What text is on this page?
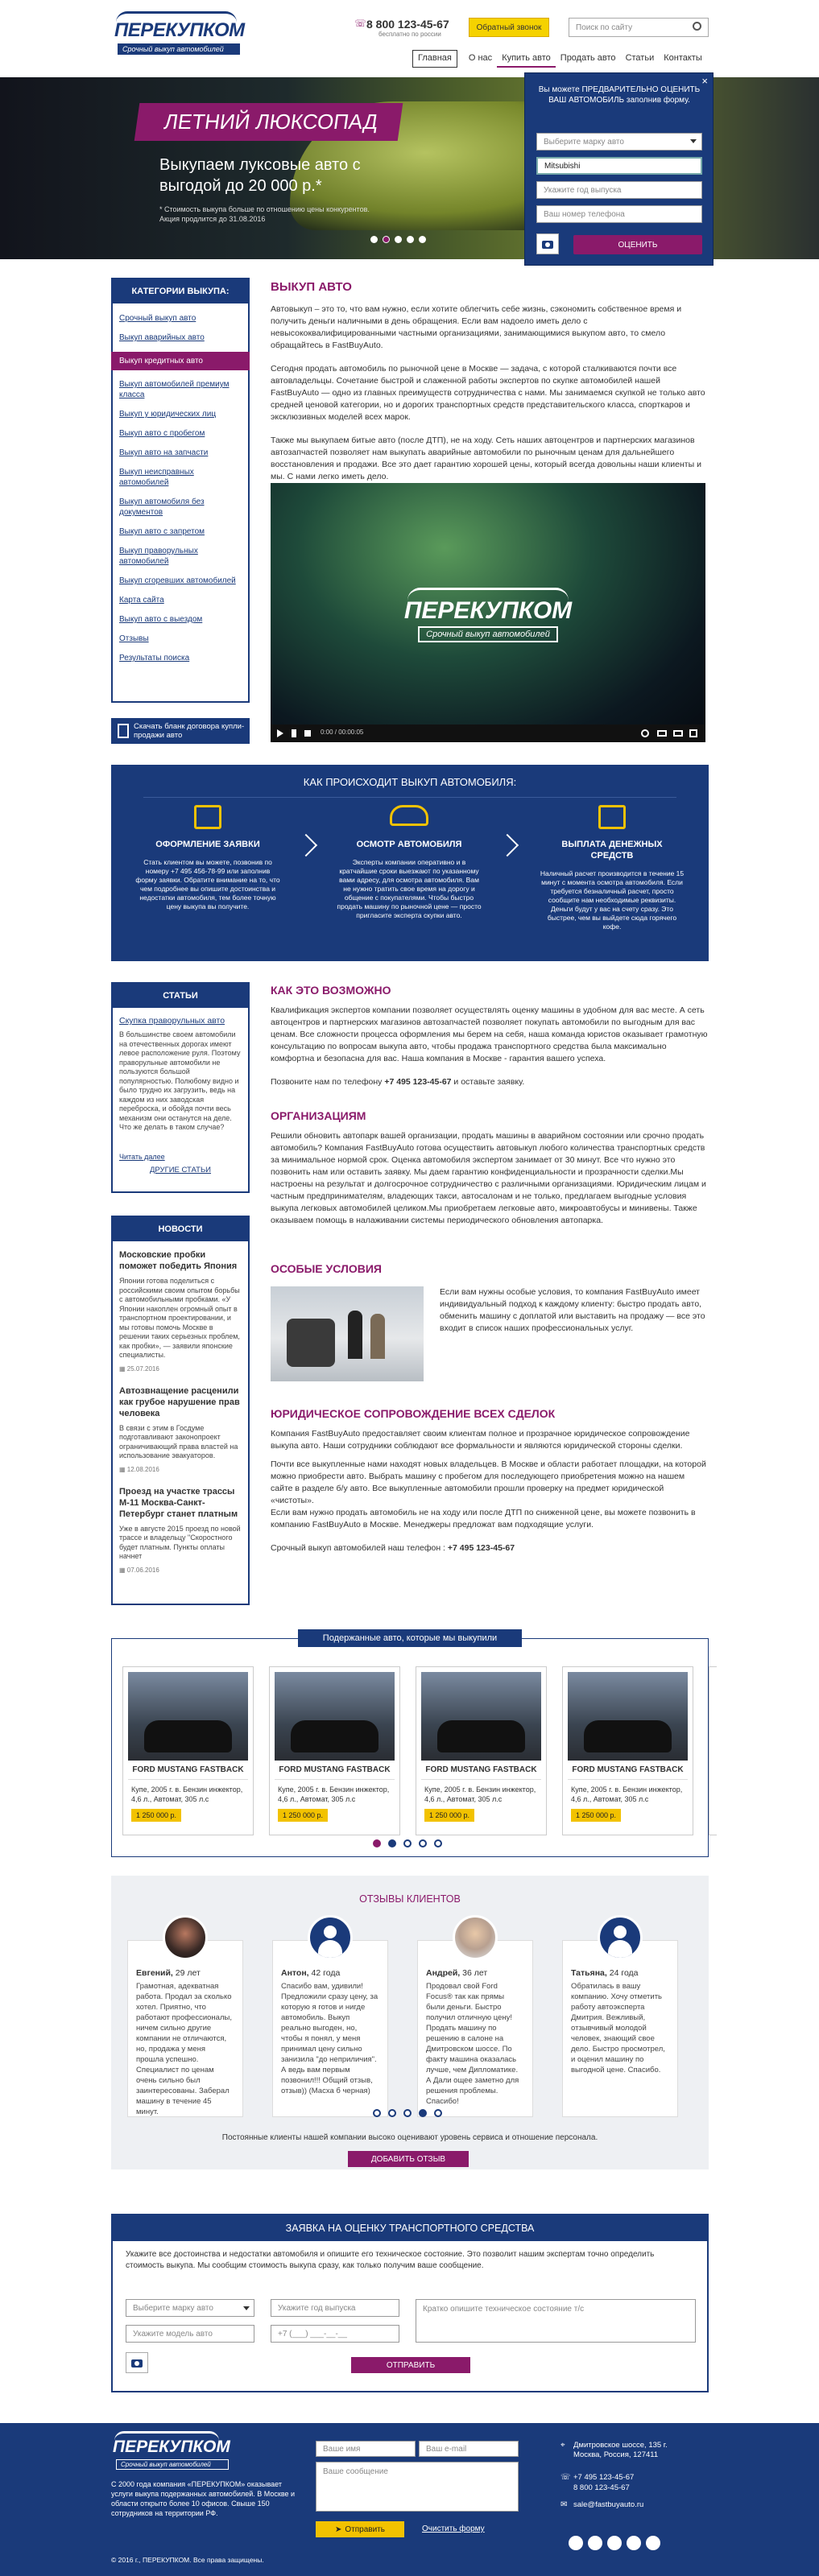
ПЕРЕКУПКОМ
Срочный выкуп автомобилей
☏ 8 800 123-45-67
бесплатно по россии
Обратный звонок	Поиск по сайту
Главная	О нас	Купить авто	Продать авто	Статьи	Контакты
ЛЕТНИЙ ЛЮКСОПАД
Выкупаем луксовые авто с выгодой до 20 000 р.*
* Стоимость выкупа больше по отношению цены конкурентов. Акция продлится до 31.08.2016
×
Вы можете ПРЕДВАРИТЕЛЬНО ОЦЕНИТЬ ВАШ АВТОМОБИЛЬ заполнив форму.
Выберите марку авто
Mitsubishi
Укажите год выпуска
Ваш номер телефона
ОЦЕНИТЬ
КАТЕГОРИИ ВЫКУПА:
Срочный выкуп авто
Выкуп аварийных авто
Выкуп кредитных авто
Выкуп автомобилей премиум класса
Выкуп у юридических лиц
Выкуп авто с пробегом
Выкуп авто на запчасти
Выкуп неисправных автомобилей
Выкуп автомобиля без документов
Выкуп авто с запретом
Выкуп праворульных автомобилей
Выкуп сгоревших автомобилей
Карта сайта
Выкуп авто с выездом
Отзывы
Результаты поиска
Скачать бланк договора купли-продажи авто
ВЫКУП АВТО

Автовыкуп – это то, что вам нужно, если хотите облегчить себе жизнь, сэкономить собственное время и получить деньги наличными в день обращения. Если вам надоело иметь дело с невысококвалифицированными частными организациями, занимающимися выкупом авто, то смело обращайтесь в FastBuyAuto.

Сегодня продать автомобиль по рыночной цене в Москве — задача, с которой сталкиваются почти все автовладельцы. Сочетание быстрой и слаженной работы экспертов по скупке автомобилей нашей FastBuyAuto — одно из главных преимуществ сотрудничества с нами. Мы занимаемся скупкой не только авто средней ценовой категории, но и дорогих транспортных средств представительского класса, спорткаров и эксклюзивных моделей всех марок.

Также мы выкупаем битые авто (после ДТП), не на ходу. Сеть наших автоцентров и партнерских магазинов автозапчастей позволяет нам выкупать аварийные автомобили по рыночным ценам для дальнейшего восстановления и продажи. Все это дает гарантию хорошей цены, который всегда довольны наши клиенты и мы. С нами легко иметь дело.

ПЕРЕКУПКОМ
Срочный выкуп автомобилей
0:00 / 00:00:05
КАК ПРОИСХОДИТ ВЫКУП АВТОМОБИЛЯ:
ОФОРМЛЕНИЕ ЗАЯВКИ
Стать клиентом вы можете, позвонив по номеру +7 495 456-78-99 или заполнив форму заявки. Обратите внимание на то, что чем подробнее вы опишите достоинства и недостатки автомобиля, тем более точную цену выкупа вы получите.
ОСМОТР АВТОМОБИЛЯ
Эксперты компании оперативно и в кратчайшие сроки выезжают по указанному вами адресу, для осмотра автомобиля. Вам не нужно тратить свое время на дорогу и общение с покупателями. Чтобы быстро продать машину по рыночной цене — просто пригласите эксперта скупки авто.
ВЫПЛАТА ДЕНЕЖНЫХ СРЕДСТВ
Наличный расчет производится в течение 15 минут с момента осмотра автомобиля. Если требуется безналичный расчет, просто сообщите нам необходимые реквизиты. Деньги будут у вас на счету сразу. Это быстрее, чем вы выйдете сюда горячего кофе.
СТАТЬИ
Скупка праворульных авто
В большинстве своем автомобили на отечественных дорогах имеют левое расположение руля. Поэтому праворульные автомобили не пользуются большой популярностью. Полюбому видно и было трудно их загрузить, ведь на каждом из них заводская переброска, и обойдя почти весь механизм они останутся на деле. Что же делать в таком случае?
Читать далее
ДРУГИЕ СТАТЬИ
НОВОСТИ
Московские пробки поможет победить Япония
Японии готова поделиться с российскими своим опытом борьбы с автомобильными пробками. «У Японии накоплен огромный опыт в транспортном проектировании, и мы готовы помочь Москве в решении таких серьезных проблем, как пробки», — заявили японские специалисты.
▦ 25.07.2016
Автозвнащение расценили как грубое нарушение прав человека
В связи с этим в Госдуме подготавливают законопроект ограничивающий права властей на использование эвакуаторов.
▦ 12.08.2016
Проезд на участке трассы М-11 Москва-Санкт-Петербург станет платным
Уже в августе 2015 проезд по новой трассе и владельцу "Скоростного будет платным. Пункты оплаты начнет
▦ 07.06.2016
КАК ЭТО ВОЗМОЖНО

Квалификация экспертов компании позволяет осуществлять оценку машины в удобном для вас месте. А сеть автоцентров и партнерских магазинов автозапчастей позволяет покупать автомобили по выгодным для вас ценам. Все сложности процесса оформления мы берем на себя, наша команда юристов оказывает грамотную консультацию по вопросам выкупа авто, чтобы продажа транспортного средства была максимально комфортна и безопасна для вас. Наша компания в Москве - гарантия вашего успеха.

Позвоните нам по телефону +7 495 123-45-67 и оставьте заявку.

ОРГАНИЗАЦИЯМ

Решили обновить автопарк вашей организации, продать машины в аварийном состоянии или срочно продать автомобиль? Компания FastBuyAuto готова осуществить автовыкуп любого количества транспортных средств за минимальное нормой срок. Оценка автомобиля экспертом занимает от 30 минут. Все что нужно это позвонить нам или оставить заявку. Мы даем гарантию конфиденциальности и прозрачности сделки.Мы настроены на результат и долгосрочное сотрудничество с различными организациями. Юридическим лицам и частным предпринимателям, владеющих такси, автосалонам и не только, предлагаем выгодные условия выкупа легковых автомобилей целиком.Мы приобретаем легковые авто, микроавтобусы и минивены. Также оказываем помощь в налаживании системы периодического обновления автопарка.

ОСОБЫЕ УСЛОВИЯ

Если вам нужны особые условия, то компания FastBuyAuto имеет индивидуальный подход к каждому клиенту: быстро продать авто, обменить машину с доплатой или выставить на продажу — все это входит в список наших профессиональных услуг.

ЮРИДИЧЕСКОЕ СОПРОВОЖДЕНИЕ ВСЕХ СДЕЛОК

Компания FastBuyAuto предоставляет своим клиентам полное и прозрачное юридическое сопровождение выкупа авто. Наши сотрудники соблюдают все формальности и являются юридической стороны сделки.

Почти все выкупленные нами находят новых владельцев. В Москве и области работает площадки, на которой можно приобрести авто. Выбрать машину с пробегом для последующего приобретения можно на нашем сайте в разделе б/у авто. Все выкупленные автомобили прошли проверку на предмет юридической «чистоты».

Если вам нужно продать автомобиль не на ходу или после ДТП по сниженной цене, вы можете позвонить в компанию FastBuyAuto в Москве. Менеджеры предложат вам подходящие услуги.

Срочный выкуп автомобилей наш телефон : +7 495 123-45-67

Подержанные авто, которые мы выкупили
FORD MUSTANG FASTBACK
Купе, 2005 г. в. Бензин инжектор, 4,6 л., Автомат, 305 л.с
1 250 000 р.
FORD MUSTANG FASTBACK
Купе, 2005 г. в. Бензин инжектор, 4,6 л., Автомат, 305 л.с
1 250 000 р.
FORD MUSTANG FASTBACK
Купе, 2005 г. в. Бензин инжектор, 4,6 л., Автомат, 305 л.с
1 250 000 р.
FORD MUSTANG FASTBACK
Купе, 2005 г. в. Бензин инжектор, 4,6 л., Автомат, 305 л.с
1 250 000 р.
ОТЗЫВЫ КЛИЕНТОВ
Евгений, 29 лет
Грамотная, адекватная работа. Продал за сколько хотел. Приятно, что работают профессионалы, ничем сильно другие компании не отличаются, но, продажа у меня прошла успешно. Специалист по ценам очень сильно был заинтересованы. Заберал машину в течение 45 минут.
Антон, 42 года
Спасибо вам, удивили! Предложили сразу цену, за которую я готов и нигде автомобиль. Выкуп реально выгоден, но, чтобы я понял, у меня принимал цену сильно занизила "до неприличия". А ведь вам первым позвонил!!! Общий отзыв, отзыв)) (Масха б черная)
Андрей, 36 лет
Продовал свой Ford Focus® так как прямы были деньги. Быстро получил отличную цену! Продать машину по решению в салоне на Дмитровском шоссе. По факту машина оказалась лучше, чем Дипломатике. А Дали ощее заметно для решения проблемы. Спасибо!
Татьяна, 24 года
Обратилась в вашу компанию. Хочу отметить работу автоэксперта Дмитрия. Вежливый, отзывчивый молодой человек, знающий свое дело. Быстро просмотрел, и оценил машину по выгодной цене. Спасибо.
Постоянные клиенты нашей компании высоко оценивают уровень сервиса и отношение персонала.
ДОБАВИТЬ ОТЗЫВ
ЗАЯВКА НА ОЦЕНКУ ТРАНСПОРТНОГО СРЕДСТВА
Укажите все достоинства и недостатки автомобиля и опишите его техническое состояние. Это позволит нашим экспертам точно определить стоимость выкупа. Мы сообщим стоимость выкупа сразу, как только получим ваше сообщение.
Выберите марку авто	Укажите год выпуска
Укажите модель авто	+7 (___) ___-__-__
Кратко опишите техническое состояние т/с
ОТПРАВИТЬ
ПЕРЕКУПКОМ
Срочный выкуп автомобилей
С 2000 года компания «ПЕРЕКУПКОМ» оказывает услуги выкупа подержанных автомобилей. В Москве и области открыто более 10 офисов. Свыше 150 сотрудников на территории РФ.
© 2016 г., ПЕРЕКУПКОМ. Все права защищены.
Ваше имя	Ваш e-mail
Ваше сообщение
➤ Отправить	Очистить форму
⌖ Дмитровское шоссе, 135 г. Москва, Россия, 127411
☏ +7 495 123-45-67
8 800 123-45-67
✉ sale@fastbuyauto.ru
